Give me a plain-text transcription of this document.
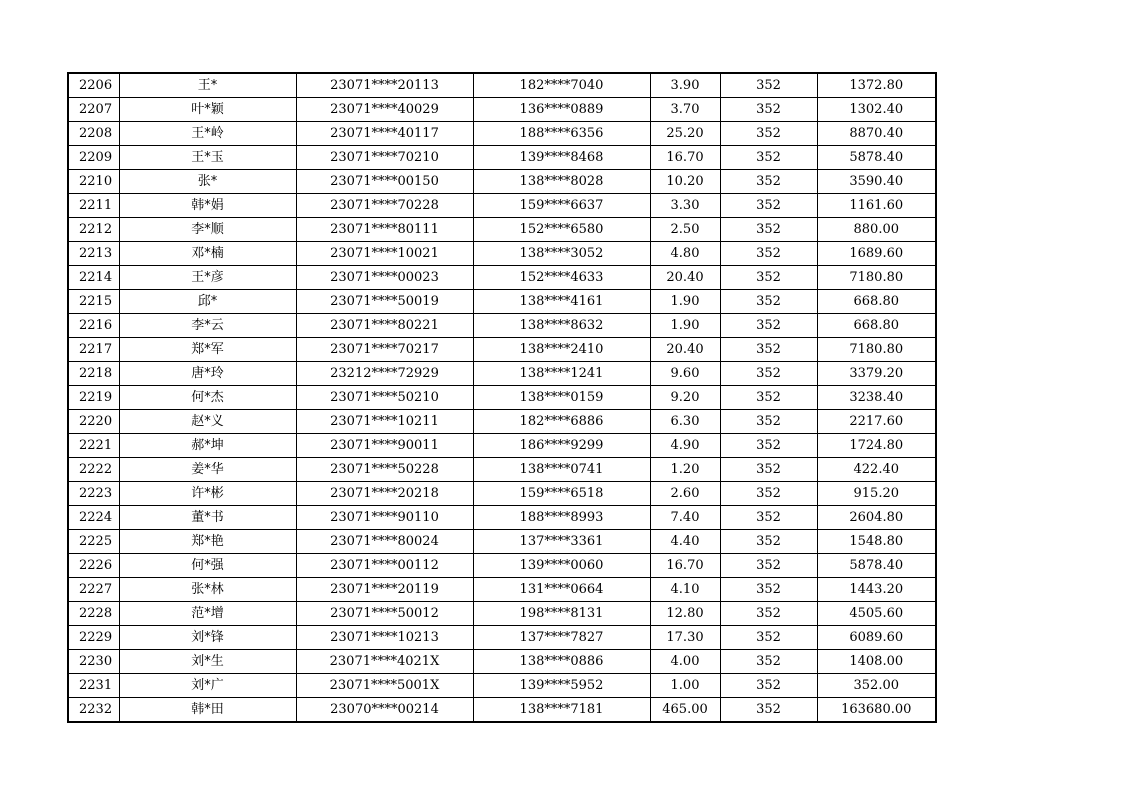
2206	王*	23071****20113	182****7040	3.90	352	1372.80
2207	叶*颖	23071****40029	136****0889	3.70	352	1302.40
2208	王*岭	23071****40117	188****6356	25.20	352	8870.40
2209	王*玉	23071****70210	139****8468	16.70	352	5878.40
2210	张*	23071****00150	138****8028	10.20	352	3590.40
2211	韩*娟	23071****70228	159****6637	3.30	352	1161.60
2212	李*顺	23071****80111	152****6580	2.50	352	880.00
2213	邓*楠	23071****10021	138****3052	4.80	352	1689.60
2214	王*彦	23071****00023	152****4633	20.40	352	7180.80
2215	邱*	23071****50019	138****4161	1.90	352	668.80
2216	李*云	23071****80221	138****8632	1.90	352	668.80
2217	郑*军	23071****70217	138****2410	20.40	352	7180.80
2218	唐*玲	23212****72929	138****1241	9.60	352	3379.20
2219	何*杰	23071****50210	138****0159	9.20	352	3238.40
2220	赵*义	23071****10211	182****6886	6.30	352	2217.60
2221	郝*坤	23071****90011	186****9299	4.90	352	1724.80
2222	姜*华	23071****50228	138****0741	1.20	352	422.40
2223	许*彬	23071****20218	159****6518	2.60	352	915.20
2224	董*书	23071****90110	188****8993	7.40	352	2604.80
2225	郑*艳	23071****80024	137****3361	4.40	352	1548.80
2226	何*强	23071****00112	139****0060	16.70	352	5878.40
2227	张*林	23071****20119	131****0664	4.10	352	1443.20
2228	范*增	23071****50012	198****8131	12.80	352	4505.60
2229	刘*锋	23071****10213	137****7827	17.30	352	6089.60
2230	刘*生	23071****4021X	138****0886	4.00	352	1408.00
2231	刘*广	23071****5001X	139****5952	1.00	352	352.00
2232	韩*田	23070****00214	138****7181	465.00	352	163680.00
